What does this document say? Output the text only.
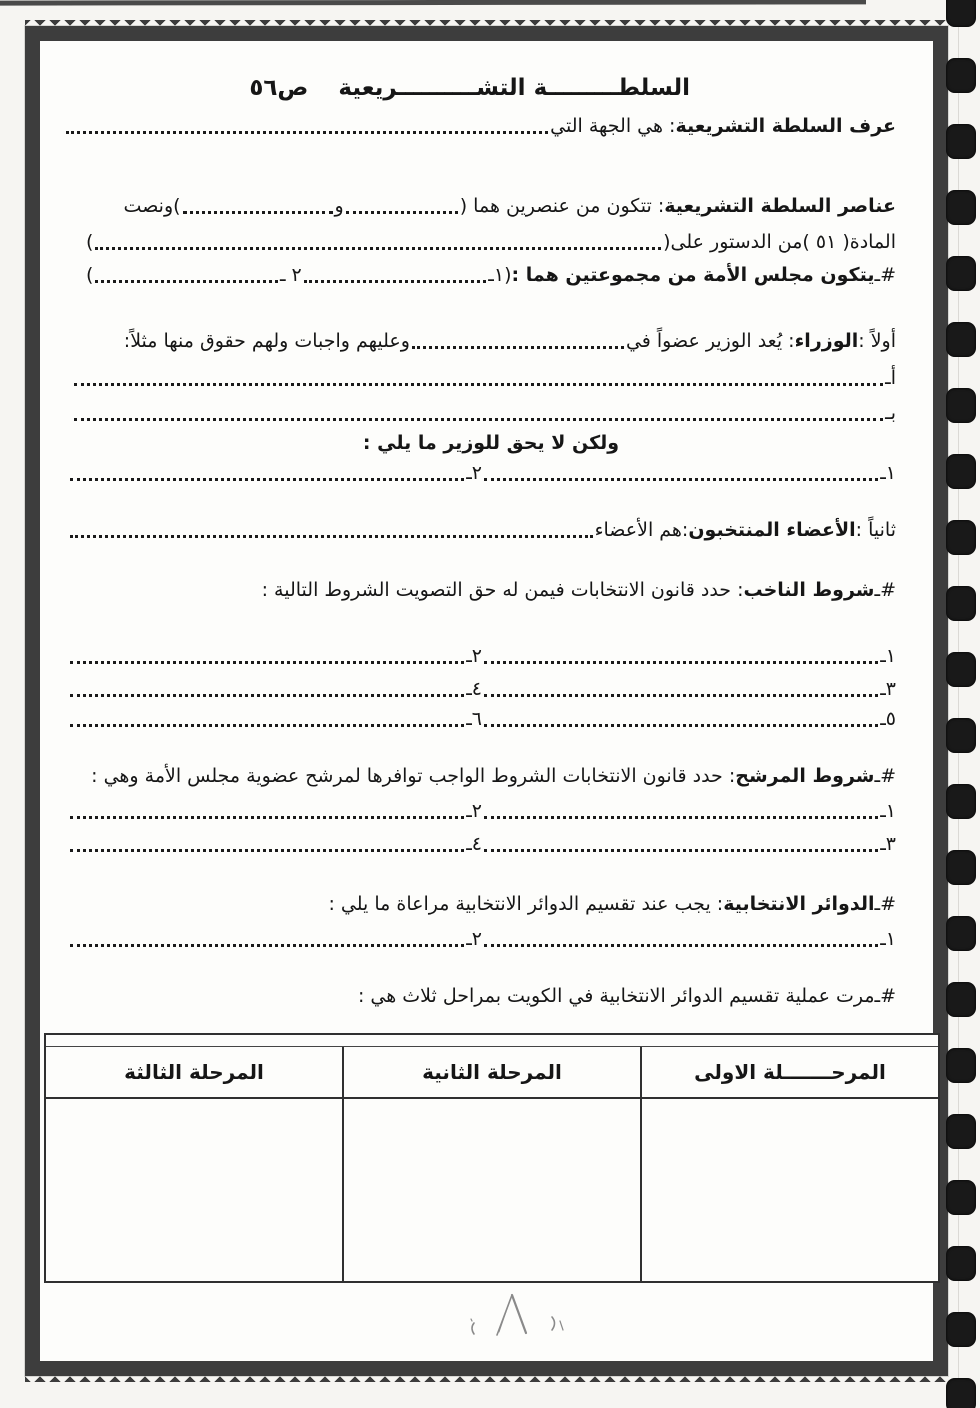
السلطـــــــــة التشــــــــــريعيةص٥٦
عرف السلطة التشريعية
: هي الجهة التي
عناصر السلطة التشريعية
: تتكون من عنصرين هما (
و
)ونصت
المادة( ٥١ )من الدستور على(
)
#ـ
يتكون مجلس الأمة من مجموعتين هما :
(١ـ
٢ ـ
)
أولاً :
الوزراء
: يُعد الوزير عضواً في
وعليهم واجبات ولهم حقوق منها مثلاً:
أـ
بـ
ولكن لا يحق للوزير ما يلي :
١ـ
٢ـ
ثانياً :
الأعضاء المنتخبون
:هم الأعضاء
#ـ
شروط الناخب
: حدد قانون الانتخابات فيمن له حق التصويت الشروط التالية :
١ـ
٢ـ
٣ـ
٤ـ
٥ـ
٦ـ
#ـ
شروط المرشح
: حدد قانون الانتخابات الشروط الواجب توافرها لمرشح عضوية مجلس الأمة وهي :
١ـ
٢ـ
٣ـ
٤ـ
#ـ
الدوائر الانتخابية
: يجب عند تقسيم الدوائر الانتخابية مراعاة ما يلي :
١ـ
٢ـ
#ـ
مرت عملية تقسيم الدوائر الانتخابية في الكويت بمراحل ثلاث هي :
المرحـــــــلة الاولى
المرحلة الثانية
المرحلة الثالثة
